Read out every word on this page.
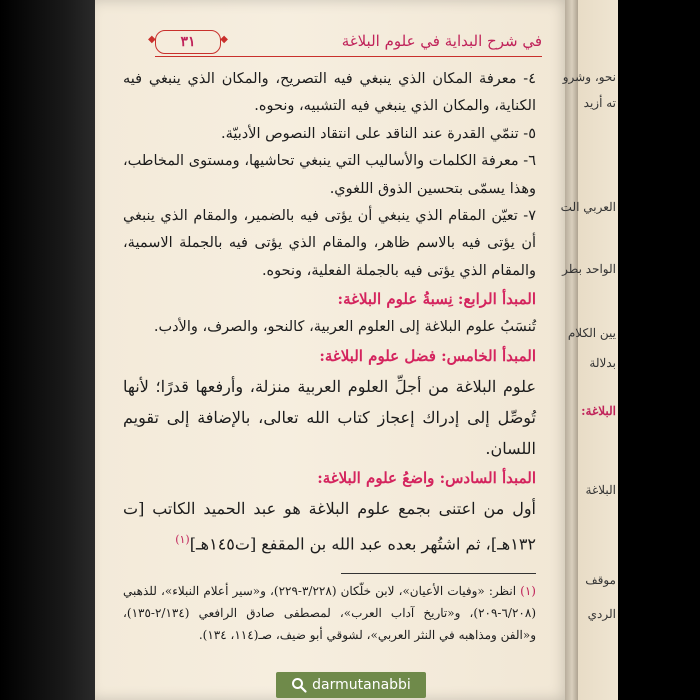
في شرح البداية في علوم البلاغة
◆ ٣١ ◆

٤- معرفة المكان الذي ينبغي فيه التصريح، والمكان الذي ينبغي فيه الكناية، والمكان الذي ينبغي فيه التشبيه، ونحوه.

٥- تنمّي القدرة عند الناقد على انتقاد النصوص الأدبيّة.

٦- معرفة الكلمات والأساليب التي ينبغي تحاشيها، ومستوى المخاطب، وهذا يسمّى بتحسين الذوق اللغوي.

٧- تعيّن المقام الذي ينبغي أن يؤتى فيه بالضمير، والمقام الذي ينبغي أن يؤتى فيه بالاسم ظاهر، والمقام الذي يؤتى فيه بالجملة الاسمية، والمقام الذي يؤتى فيه بالجملة الفعلية، ونحوه.

المبدأ الرابع: نِسبةُ علوم البلاغة:

تُنسَبُ علوم البلاغة إلى العلوم العربية، كالنحو، والصرف، والأدب.

المبدأ الخامس: فضل علوم البلاغة:

علوم البلاغة من أجلِّ العلوم العربية منزلة، وأرفعها قدرًا؛ لأنها تُوصِّل إلى إدراك إعجاز كتاب الله تعالى، بالإضافة إلى تقويم اللسان.

المبدأ السادس: واضعُ علوم البلاغة:

أول من اعتنى بجمع علوم البلاغة هو عبد الحميد الكاتب [ت ١٣٢هـ]، ثم اشتُهر بعده عبد الله بن المقفع [ت١٤٥هـ]$^{(١)}$

(١) انظر: «وفيات الأعيان»، لابن خلّكان (٣/٢٢٨-٢٢٩)، و«سير أعلام النبلاء»، للذهبي (٦/٢٠٨-٢٠٩)، و«تاريخ آداب العرب»، لمصطفى صادق الرافعي (٢/١٣٤-١٣٥)، و«الفن ومذاهبه في النثر العربي»، لشوقي أبو ضيف، صـ(١١٤، ١٣٤).

نحو، وشرو
ته أزيد
العربي الت
الواحد بطر
يين الكلام
بدلالة
البلاغة:
البلاغة
موقف
الردي
darmutanabbi
